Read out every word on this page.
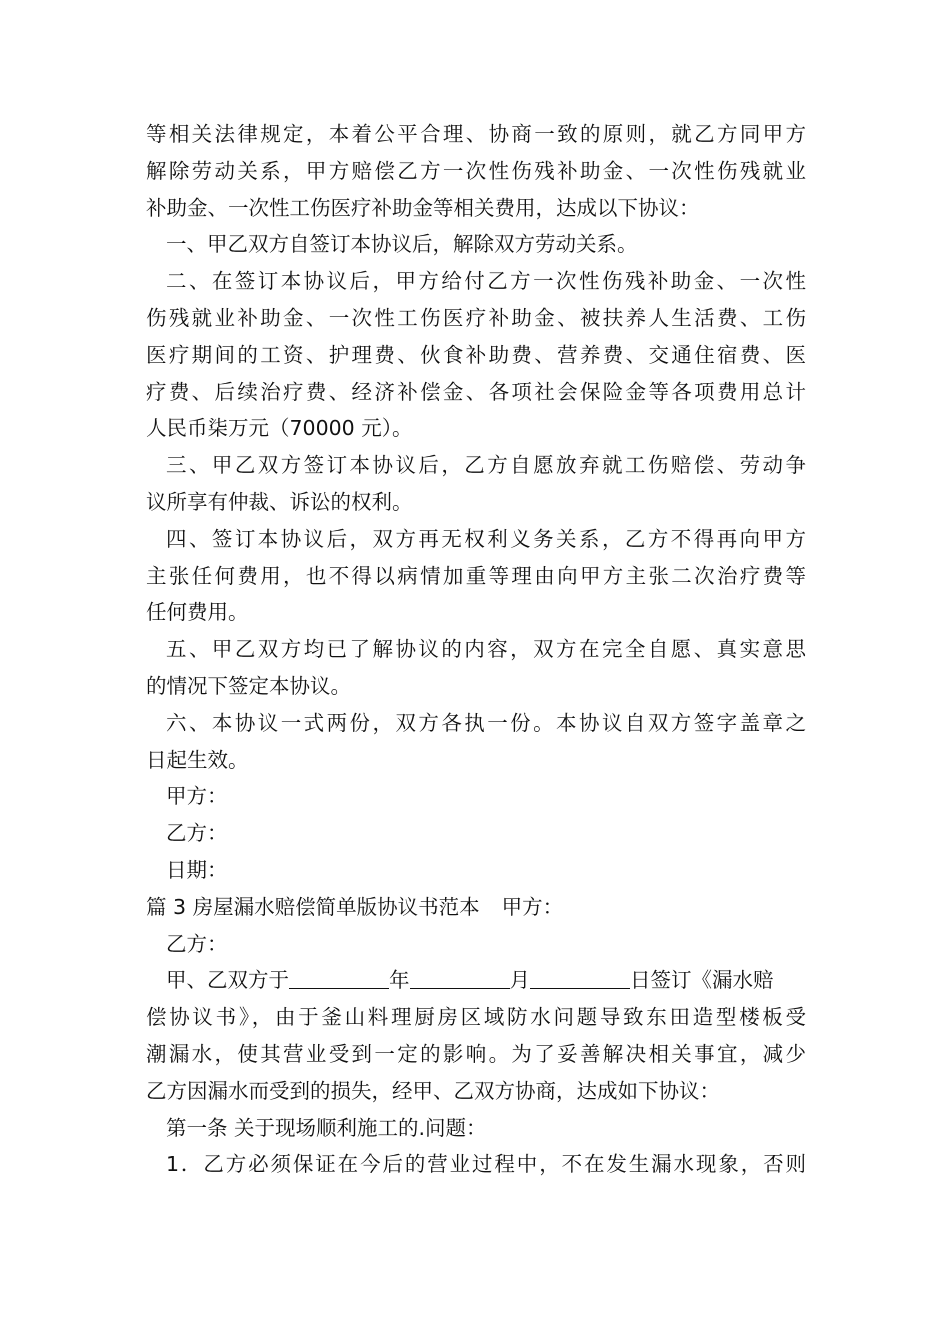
等相关法律规定，本着公平合理、协商一致的原则，就乙方同甲方
解除劳动关系，甲方赔偿乙方一次性伤残补助金、一次性伤残就业
补助金、一次性工伤医疗补助金等相关费用，达成以下协议：
一、甲乙双方自签订本协议后，解除双方劳动关系。
二、在签订本协议后，甲方给付乙方一次性伤残补助金、一次性
伤残就业补助金、一次性工伤医疗补助金、被扶养人生活费、工伤
医疗期间的工资、护理费、伙食补助费、营养费、交通住宿费、医
疗费、后续治疗费、经济补偿金、各项社会保险金等各项费用总计
人民币柒万元（70000 元）。
三、甲乙双方签订本协议后，乙方自愿放弃就工伤赔偿、劳动争
议所享有仲裁、诉讼的权利。
四、签订本协议后，双方再无权利义务关系，乙方不得再向甲方
主张任何费用，也不得以病情加重等理由向甲方主张二次治疗费等
任何费用。
五、甲乙双方均已了解协议的内容，双方在完全自愿、真实意思
的情况下签定本协议。
六、本协议一式两份，双方各执一份。本协议自双方签字盖章之
日起生效。
甲方：
乙方：
日期：
篇 3 房屋漏水赔偿简单版协议书范本 甲方：
乙方：
甲、乙双方于	年	月	日签订《漏水赔
偿协议书》，由于釜山料理厨房区域防水问题导致东田造型楼板受
潮漏水，使其营业受到一定的影响。为了妥善解决相关事宜，减少
乙方因漏水而受到的损失，经甲、乙双方协商，达成如下协议：
第一条 关于现场顺利施工的.问题：
1．乙方必须保证在今后的营业过程中，不在发生漏水现象，否则
